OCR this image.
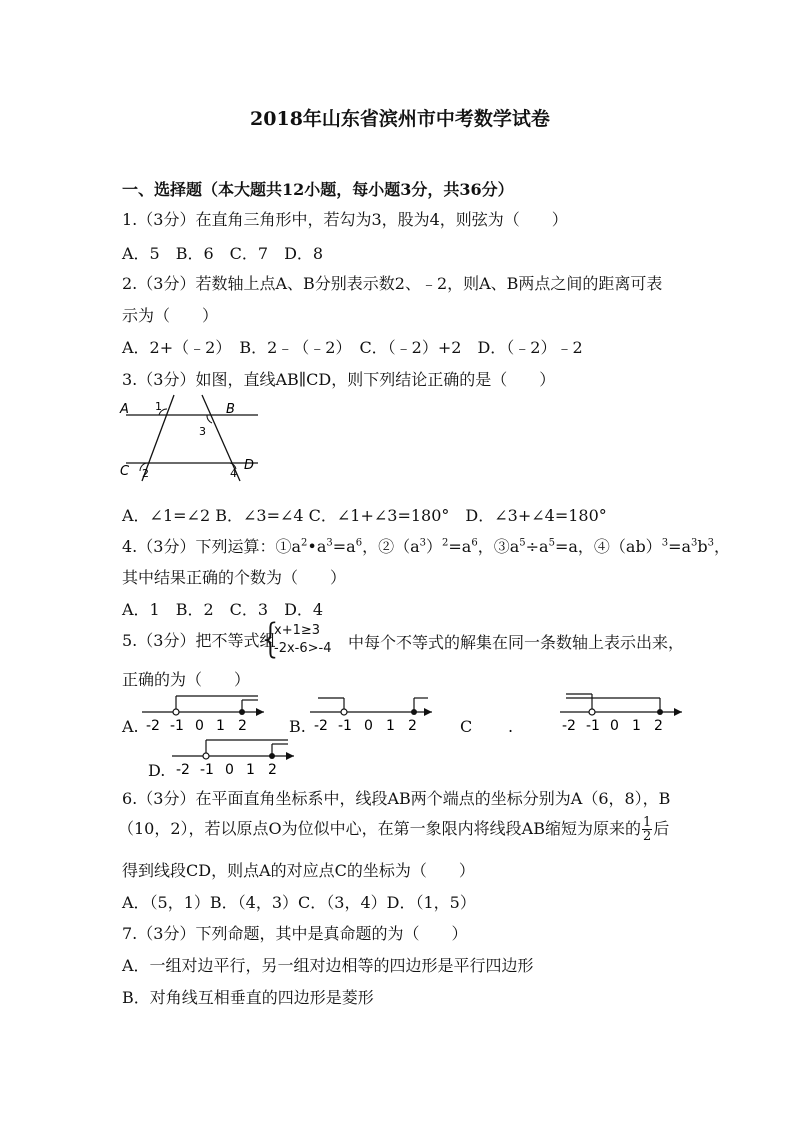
2018年山东省滨州市中考数学试卷
一、选择题（本大题共12小题，每小题3分，共36分）
1.（3分）在直角三角形中，若勾为3，股为4，则弦为（　　）
A．5　B．6　C．7　D．8
2.（3分）若数轴上点A、B分别表示数2、﹣2，则A、B两点之间的距离可表
示为（　　）
A．2+（﹣2）　B．2﹣（﹣2）　C．（﹣2）+2　D．（﹣2）﹣2
3.（3分）如图，直线AB∥CD，则下列结论正确的是（　　）
A	B
C	D
1
2
3
4
A．∠1=∠2 B．∠3=∠4 C．∠1+∠3=180°　D．∠3+∠4=180°
4.（3分）下列运算：$①a^2•a^3=a^6$，$②(a^3)^2=a^6$，$③a^5\div a^5=a$，$④(ab)^3=a^3b^3$，
其中结果正确的个数为（　　）
A．1　B．2　C．3　D．4
5.（3分）把不等式组
{
x+1≥3
-2x-6>-4 中每个不等式的解集在同一条数轴上表示出来，
正确的为（　　）
A. -2 -1 0 1 2	B. -2 -1 0 1 2	C .	-2 -1 0 1 2
D. -2 -1 0 1 2
6.（3分）在平面直角坐标系中，线段AB两个端点的坐标分别为A（6，8），B
（10，2），若以原点O为位似中心，在第一象限内将线段AB缩短为原来的 $\frac{1}{2}$ 后
得到线段CD，则点A的对应点C的坐标为（　　）
A．（5，1）B．（4，3）C．（3，4）D．（1，5）
7.（3分）下列命题，其中是真命题的为（　　）
A．一组对边平行，另一组对边相等的四边形是平行四边形
B．对角线互相垂直的四边形是菱形
